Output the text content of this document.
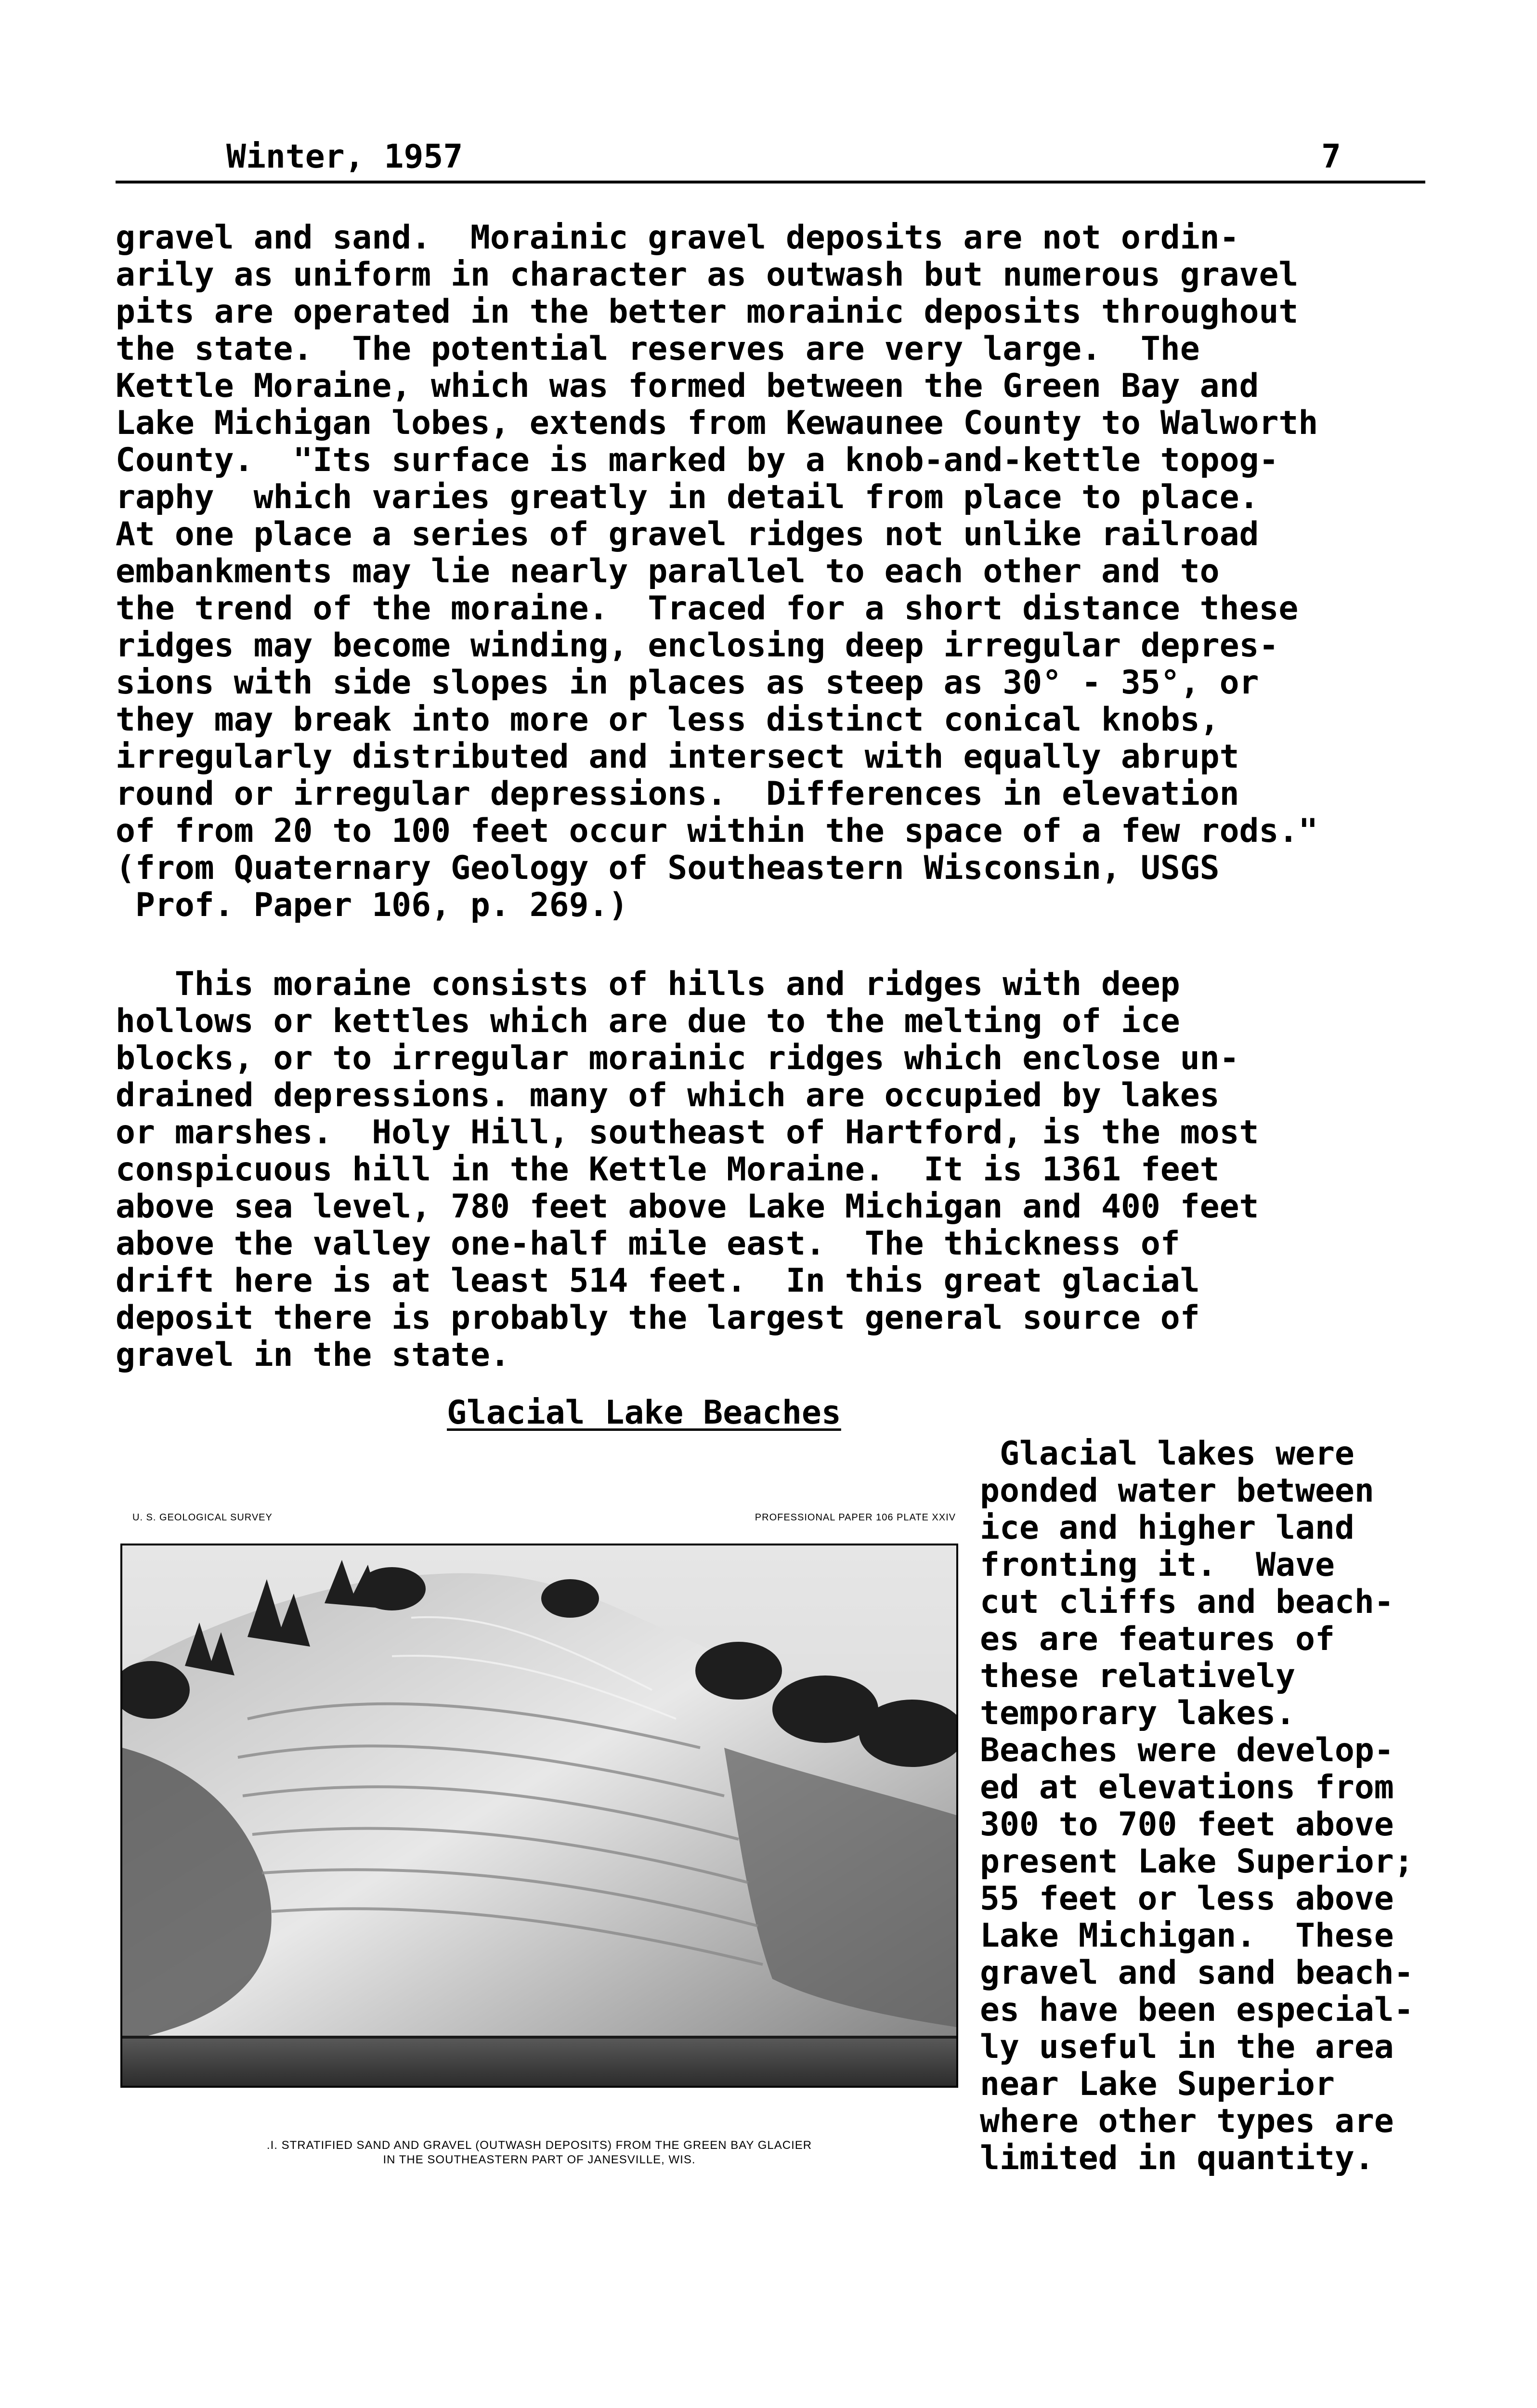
Winter, 1957	7
gravel and sand.  Morainic gravel deposits are not ordin-
arily as uniform in character as outwash but numerous gravel
pits are operated in the better morainic deposits throughout
the state.  The potential reserves are very large.  The
Kettle Moraine, which was formed between the Green Bay and
Lake Michigan lobes, extends from Kewaunee County to Walworth
County.  "Its surface is marked by a knob-and-kettle topog-
raphy  which varies greatly in detail from place to place.
At one place a series of gravel ridges not unlike railroad
embankments may lie nearly parallel to each other and to
the trend of the moraine.  Traced for a short distance these
ridges may become winding, enclosing deep irregular depres-
sions with side slopes in places as steep as 30° - 35°, or
they may break into more or less distinct conical knobs,
irregularly distributed and intersect with equally abrupt
round or irregular depressions.  Differences in elevation
of from 20 to 100 feet occur within the space of a few rods."
(from Quaternary Geology of Southeastern Wisconsin, USGS
Prof. Paper 106, p. 269.)
This moraine consists of hills and ridges with deep
hollows or kettles which are due to the melting of ice
blocks, or to irregular morainic ridges which enclose un-
drained depressions. many of which are occupied by lakes
or marshes.  Holy Hill, southeast of Hartford, is the most
conspicuous hill in the Kettle Moraine.  It is 1361 feet
above sea level, 780 feet above Lake Michigan and 400 feet
above the valley one-half mile east.  The thickness of
drift here is at least 514 feet.  In this great glacial
deposit there is probably the largest general source of
gravel in the state.
Glacial Lake Beaches
Glacial lakes were
ponded water between
ice and higher land
fronting it.  Wave
cut cliffs and beach-
es are features of
these relatively
temporary lakes.
Beaches were develop-
ed at elevations from
300 to 700 feet above
present Lake Superior;
55 feet or less above
Lake Michigan.  These
gravel and sand beach-
es have been especial-
ly useful in the area
near Lake Superior
where other types are
limited in quantity.
U. S. GEOLOGICAL SURVEY	PROFESSIONAL PAPER 106 PLATE XXIV
.I. STRATIFIED SAND AND GRAVEL (OUTWASH DEPOSITS) FROM THE GREEN BAY GLACIER
IN THE SOUTHEASTERN PART OF JANESVILLE, WIS.
